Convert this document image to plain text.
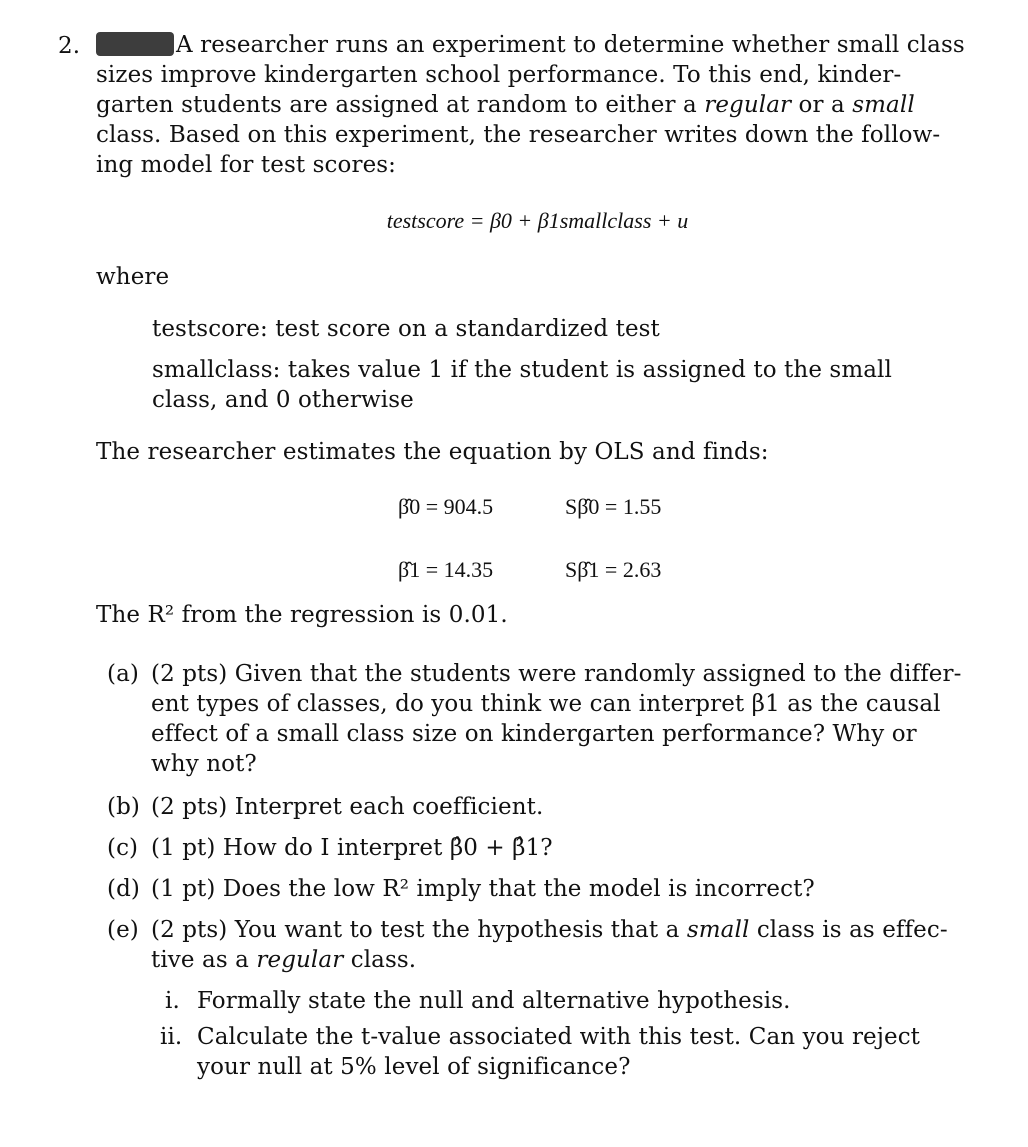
2.	A researcher runs an experiment to determine whether small class
sizes improve kindergarten school performance. To this end, kinder-
garten students are assigned at random to either a regular or a small
class. Based on this experiment, the researcher writes down the follow-
ing model for test scores:
testscore = β0 + β1smallclass + u
where
testscore: test score on a standardized test
smallclass: takes value 1 if the student is assigned to the small
class, and 0 otherwise
The researcher estimates the equation by OLS and finds:
β̂0 = 904.5	Sβ̂0 = 1.55
β̂1 = 14.35	Sβ̂1 = 2.63
The R² from the regression is 0.01.
(a) (2 pts) Given that the students were randomly assigned to the differ-
ent types of classes, do you think we can interpret β1 as the causal
effect of a small class size on kindergarten performance? Why or
why not?
(b) (2 pts) Interpret each coefficient.
(c) (1 pt) How do I interpret β̂0 + β̂1?
(d) (1 pt) Does the low R² imply that the model is incorrect?
(e) (2 pts) You want to test the hypothesis that a small class is as effec-
tive as a regular class.
i. Formally state the null and alternative hypothesis.
ii. Calculate the t-value associated with this test. Can you reject
your null at 5% level of significance?
